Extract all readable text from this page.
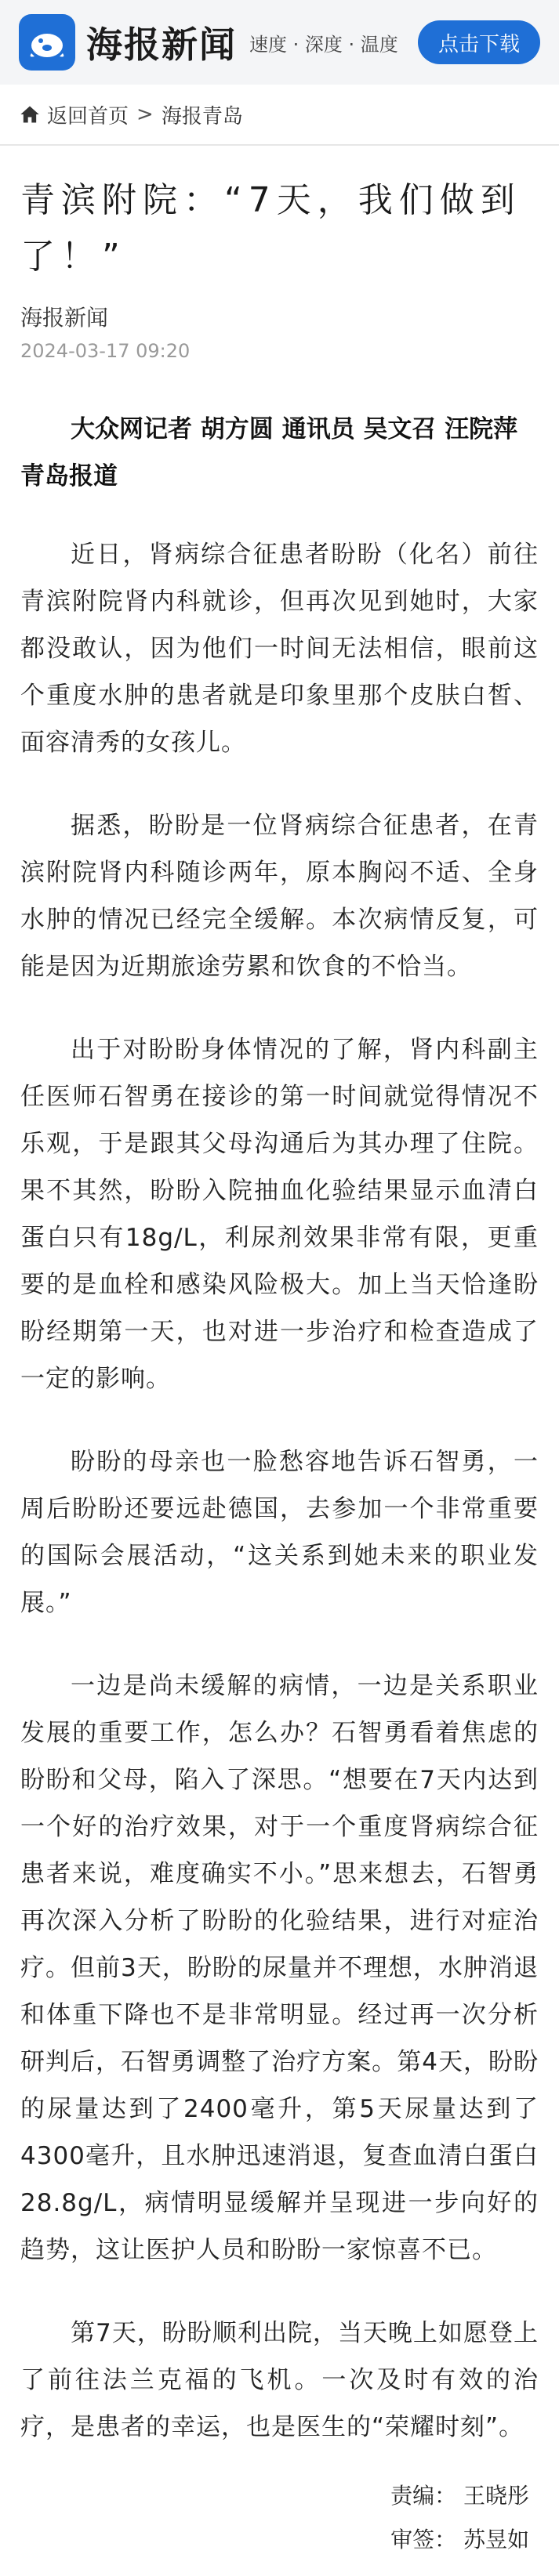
海报新闻 速度 · 深度 · 温度	点击下载
返回首页 > 海报青岛
青滨附院：“7天，我们做到了！”
海报新闻
2024-03-17 09:20
大众网记者 胡方圆 通讯员 吴文召 汪院萍
青岛报道

近日，肾病综合征患者盼盼（化名）前往青滨附院肾内科就诊，但再次见到她时，大家都没敢认，因为他们一时间无法相信，眼前这个重度水肿的患者就是印象里那个皮肤白皙、面容清秀的女孩儿。

据悉，盼盼是一位肾病综合征患者，在青滨附院肾内科随诊两年，原本胸闷不适、全身水肿的情况已经完全缓解。本次病情反复，可能是因为近期旅途劳累和饮食的不恰当。

出于对盼盼身体情况的了解，肾内科副主任医师石智勇在接诊的第一时间就觉得情况不乐观，于是跟其父母沟通后为其办理了住院。果不其然，盼盼入院抽血化验结果显示血清白蛋白只有18g/L，利尿剂效果非常有限，更重要的是血栓和感染风险极大。加上当天恰逢盼盼经期第一天，也对进一步治疗和检查造成了一定的影响。

盼盼的母亲也一脸愁容地告诉石智勇，一周后盼盼还要远赴德国，去参加一个非常重要的国际会展活动，“这关系到她未来的职业发展。”

一边是尚未缓解的病情，一边是关系职业发展的重要工作，怎么办？石智勇看着焦虑的盼盼和父母，陷入了深思。“想要在7天内达到一个好的治疗效果，对于一个重度肾病综合征患者来说，难度确实不小。”思来想去，石智勇再次深入分析了盼盼的化验结果，进行对症治疗。但前3天，盼盼的尿量并不理想，水肿消退和体重下降也不是非常明显。经过再一次分析研判后，石智勇调整了治疗方案。第4天，盼盼的尿量达到了2400毫升，第5天尿量达到了4300毫升，且水肿迅速消退，复查血清白蛋白28.8g/L，病情明显缓解并呈现进一步向好的趋势，这让医护人员和盼盼一家惊喜不已。

第7天，盼盼顺利出院，当天晚上如愿登上了前往法兰克福的飞机。一次及时有效的治疗，是患者的幸运，也是医生的“荣耀时刻”。

责编： 王晓彤
审签： 苏昱如
